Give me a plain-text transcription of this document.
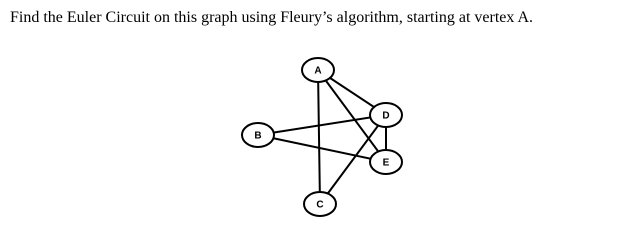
Find the Euler Circuit on this graph using Fleury’s algorithm, starting at vertex A.
A
B
C
D
E
